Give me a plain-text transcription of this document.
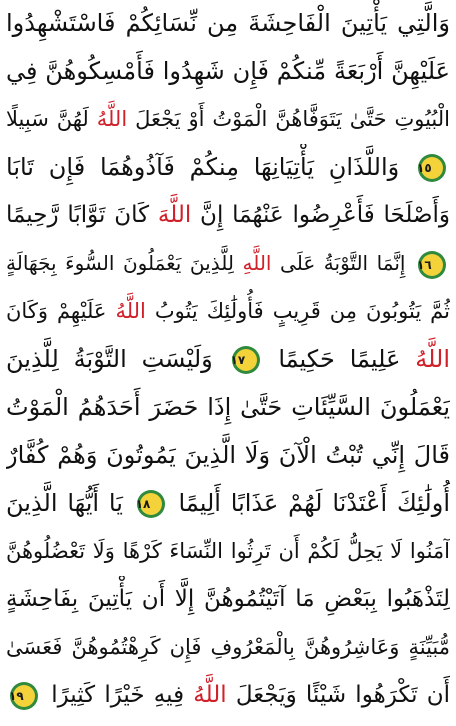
وَالَّتِي يَأْتِينَ الْفَاحِشَةَ مِن نِّسَائِكُمْ فَاسْتَشْهِدُوا
عَلَيْهِنَّ أَرْبَعَةً مِّنكُمْ فَإِن شَهِدُوا فَأَمْسِكُوهُنَّ فِي
الْبُيُوتِ حَتَّىٰ يَتَوَفَّاهُنَّ الْمَوْتُ أَوْ يَجْعَلَ اللَّهُ لَهُنَّ سَبِيلًا
١٥
وَاللَّذَانِ يَأْتِيَانِهَا مِنكُمْ فَآذُوهُمَا فَإِن تَابَا
وَأَصْلَحَا فَأَعْرِضُوا عَنْهُمَا إِنَّ اللَّهَ كَانَ تَوَّابًا رَّحِيمًا
١٦
إِنَّمَا التَّوْبَةُ عَلَى اللَّهِ لِلَّذِينَ يَعْمَلُونَ السُّوءَ بِجَهَالَةٍ
ثُمَّ يَتُوبُونَ مِن قَرِيبٍ فَأُولَٰئِكَ يَتُوبُ اللَّهُ عَلَيْهِمْ وَكَانَ
اللَّهُ عَلِيمًا حَكِيمًا
١٧
وَلَيْسَتِ التَّوْبَةُ لِلَّذِينَ
يَعْمَلُونَ السَّيِّئَاتِ حَتَّىٰ إِذَا حَضَرَ أَحَدَهُمُ الْمَوْتُ
قَالَ إِنِّي تُبْتُ الْآنَ وَلَا الَّذِينَ يَمُوتُونَ وَهُمْ كُفَّارٌ
أُولَٰئِكَ أَعْتَدْنَا لَهُمْ عَذَابًا أَلِيمًا
١٨
يَا أَيُّهَا الَّذِينَ
آمَنُوا لَا يَحِلُّ لَكُمْ أَن تَرِثُوا النِّسَاءَ كَرْهًا وَلَا تَعْضُلُوهُنَّ
لِتَذْهَبُوا بِبَعْضِ مَا آتَيْتُمُوهُنَّ إِلَّا أَن يَأْتِينَ بِفَاحِشَةٍ
مُّبَيِّنَةٍ وَعَاشِرُوهُنَّ بِالْمَعْرُوفِ فَإِن كَرِهْتُمُوهُنَّ فَعَسَىٰ
أَن تَكْرَهُوا شَيْئًا وَيَجْعَلَ اللَّهُ فِيهِ خَيْرًا كَثِيرًا
١٩
